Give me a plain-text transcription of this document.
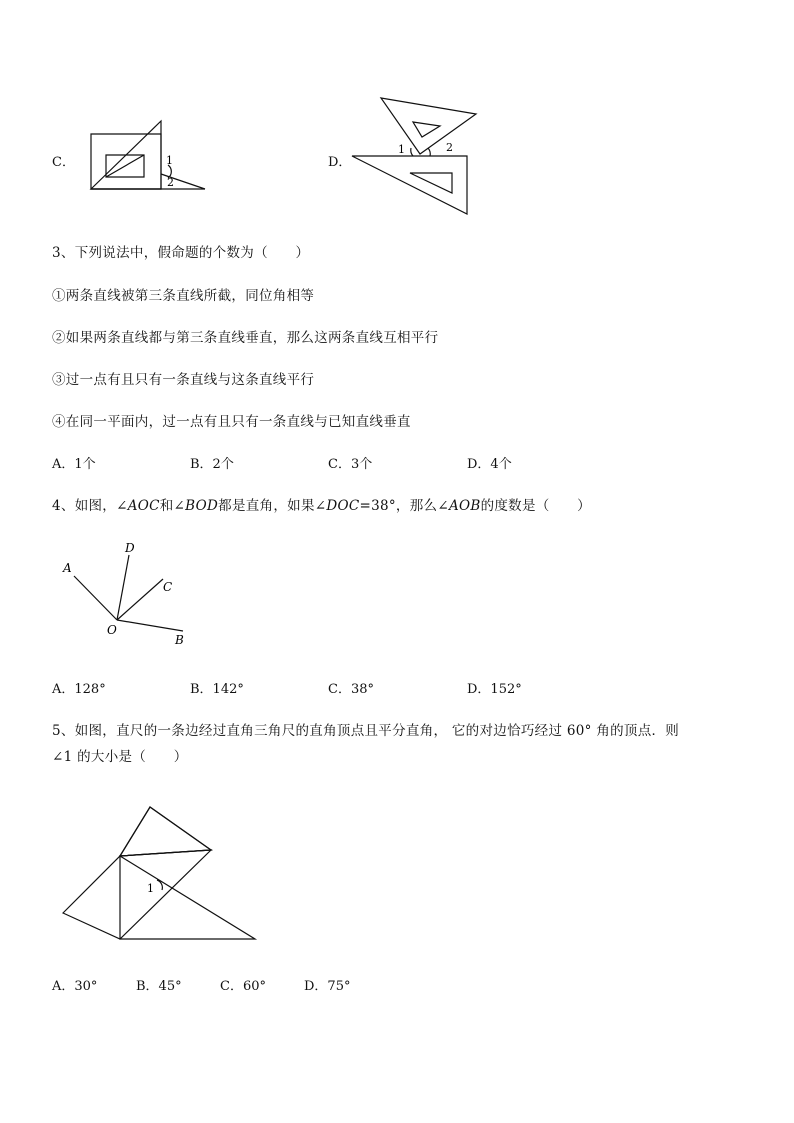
C．	1
2
D．
1	2
3、下列说法中，假命题的个数为（　　）
①两条直线被第三条直线所截，同位角相等
②如果两条直线都与第三条直线垂直，那么这两条直线互相平行
③过一点有且只有一条直线与这条直线平行
④在同一平面内，过一点有且只有一条直线与已知直线垂直
A．1个	B．2个	C．3个	D．4个
4、如图，∠AOC和∠BOD都是直角，如果∠DOC=38°，那么∠AOB的度数是（　　）
A
D
C
O
B
A．128°	B．142°	C．38°	D．152°
5、如图，直尺的一条边经过直角三角尺的直角顶点且平分直角， 它的对边恰巧经过 60° 角的顶点．则
∠1 的大小是（　　）
1
A．30°	B．45°	C．60°	D．75°
